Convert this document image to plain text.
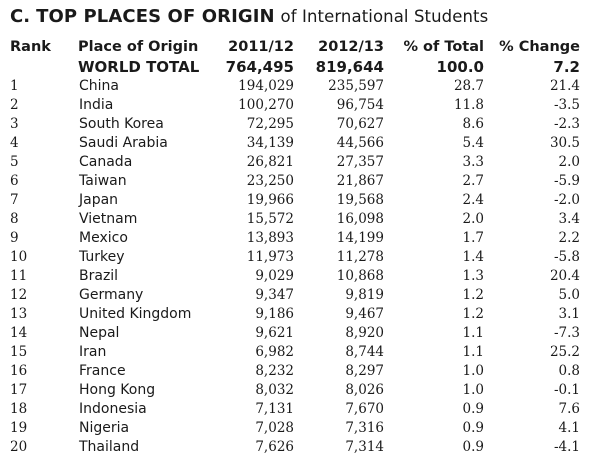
C. TOP PLACES OF ORIGIN of International Students
Rank	Place of Origin	2011/12	2012/13	% of Total	% Change
	WORLD TOTAL	764,495	819,644	100.0	7.2
1	China	194,029	235,597	28.7	21.4
2	India	100,270	96,754	11.8	-3.5
3	South Korea	72,295	70,627	8.6	-2.3
4	Saudi Arabia	34,139	44,566	5.4	30.5
5	Canada	26,821	27,357	3.3	2.0
6	Taiwan	23,250	21,867	2.7	-5.9
7	Japan	19,966	19,568	2.4	-2.0
8	Vietnam	15,572	16,098	2.0	3.4
9	Mexico	13,893	14,199	1.7	2.2
10	Turkey	11,973	11,278	1.4	-5.8
11	Brazil	9,029	10,868	1.3	20.4
12	Germany	9,347	9,819	1.2	5.0
13	United Kingdom	9,186	9,467	1.2	3.1
14	Nepal	9,621	8,920	1.1	-7.3
15	Iran	6,982	8,744	1.1	25.2
16	France	8,232	8,297	1.0	0.8
17	Hong Kong	8,032	8,026	1.0	-0.1
18	Indonesia	7,131	7,670	0.9	7.6
19	Nigeria	7,028	7,316	0.9	4.1
20	Thailand	7,626	7,314	0.9	-4.1
